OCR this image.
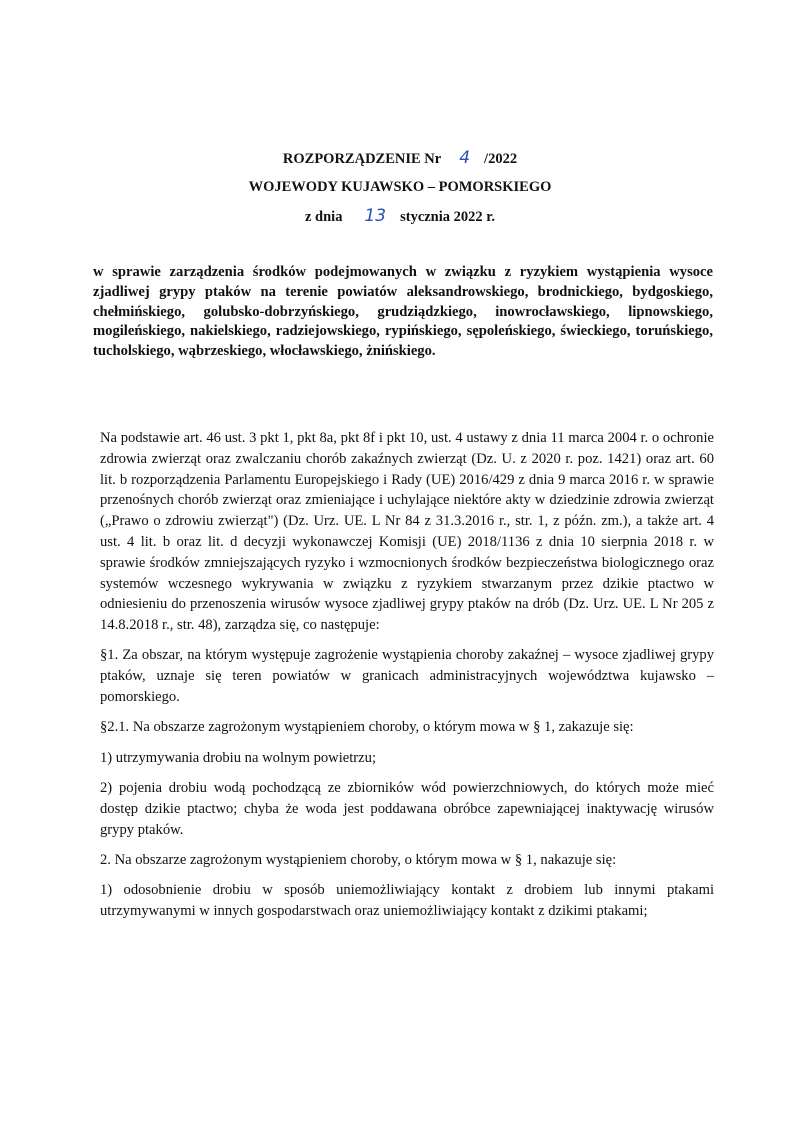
ROZPORZĄDZENIE Nr 4 /2022
WOJEWODY KUJAWSKO – POMORSKIEGO
z dnia 13 stycznia 2022 r.
w sprawie zarządzenia środków podejmowanych w związku z ryzykiem wystąpienia wysoce zjadliwej grypy ptaków na terenie powiatów aleksandrowskiego, brodnickiego, bydgoskiego, chełmińskiego, golubsko-dobrzyńskiego, grudziądzkiego, inowrocławskiego, lipnowskiego, mogileńskiego, nakielskiego, radziejowskiego, rypińskiego, sępoleńskiego, świeckiego, toruńskiego, tucholskiego, wąbrzeskiego, włocławskiego, żnińskiego.

Na podstawie art. 46 ust. 3 pkt 1, pkt 8a, pkt 8f i pkt 10, ust. 4 ustawy z dnia 11 marca 2004 r. o ochronie zdrowia zwierząt oraz zwalczaniu chorób zakaźnych zwierząt (Dz. U. z 2020 r. poz. 1421) oraz art. 60 lit. b rozporządzenia Parlamentu Europejskiego i Rady (UE) 2016/429 z dnia 9 marca 2016 r. w sprawie przenośnych chorób zwierząt oraz zmieniające i uchylające niektóre akty w dziedzinie zdrowia zwierząt („Prawo o zdrowiu zwierząt") (Dz. Urz. UE. L Nr 84 z 31.3.2016 r., str. 1, z późn. zm.), a także art. 4 ust. 4 lit. b oraz lit. d decyzji wykonawczej Komisji (UE) 2018/1136 z dnia 10 sierpnia 2018 r. w sprawie środków zmniejszających ryzyko i wzmocnionych środków bezpieczeństwa biologicznego oraz systemów wczesnego wykrywania w związku z ryzykiem stwarzanym przez dzikie ptactwo w odniesieniu do przenoszenia wirusów wysoce zjadliwej grypy ptaków na drób (Dz. Urz. UE. L Nr 205 z 14.8.2018 r., str. 48), zarządza się, co następuje:

§1. Za obszar, na którym występuje zagrożenie wystąpienia choroby zakaźnej – wysoce zjadliwej grypy ptaków, uznaje się teren powiatów w granicach administracyjnych województwa kujawsko – pomorskiego.

§2.1. Na obszarze zagrożonym wystąpieniem choroby, o którym mowa w § 1, zakazuje się:

1) utrzymywania drobiu na wolnym powietrzu;

2) pojenia drobiu wodą pochodzącą ze zbiorników wód powierzchniowych, do których może mieć dostęp dzikie ptactwo; chyba że woda jest poddawana obróbce zapewniającej inaktywację wirusów grypy ptaków.

2. Na obszarze zagrożonym wystąpieniem choroby, o którym mowa w § 1, nakazuje się:

1) odosobnienie drobiu w sposób uniemożliwiający kontakt z drobiem lub innymi ptakami utrzymywanymi w innych gospodarstwach oraz uniemożliwiający kontakt z dzikimi ptakami;
